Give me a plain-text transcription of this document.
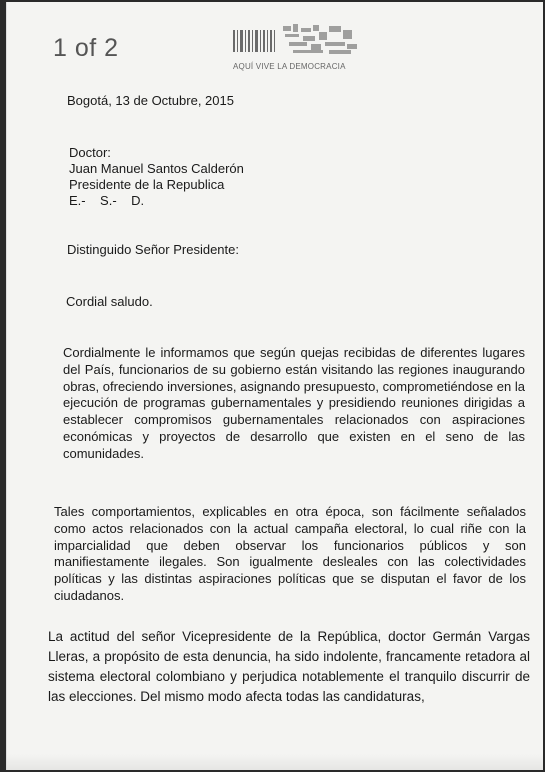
1 of 2
AQUÍ VIVE LA DEMOCRACIA
Bogotá, 13 de Octubre, 2015
Doctor:
Juan Manuel Santos Calderón
Presidente de la Republica
E.-    S.-    D.
Distinguido Señor Presidente:
Cordial saludo.
Cordialmente le informamos que según quejas recibidas de diferentes lugares del País, funcionarios de su gobierno están visitando las regiones inaugurando obras, ofreciendo inversiones, asignando presupuesto, comprometiéndose en la ejecución de programas gubernamentales y presidiendo reuniones dirigidas a establecer compromisos gubernamentales relacionados con aspiraciones económicas y proyectos de desarrollo que existen en el seno de las comunidades.
Tales comportamientos, explicables en otra época, son fácilmente señalados como actos relacionados con la actual campaña electoral, lo cual riñe con la imparcialidad que deben observar los funcionarios públicos y son manifiestamente ilegales. Son igualmente desleales con las colectividades políticas y las distintas aspiraciones políticas que se disputan el favor de los ciudadanos.
La actitud del señor Vicepresidente de la República, doctor Germán Vargas Lleras, a propósito de esta denuncia, ha sido indolente, francamente retadora al sistema electoral colombiano y perjudica notablemente el tranquilo discurrir de las elecciones. Del mismo modo afecta todas las candidaturas,
